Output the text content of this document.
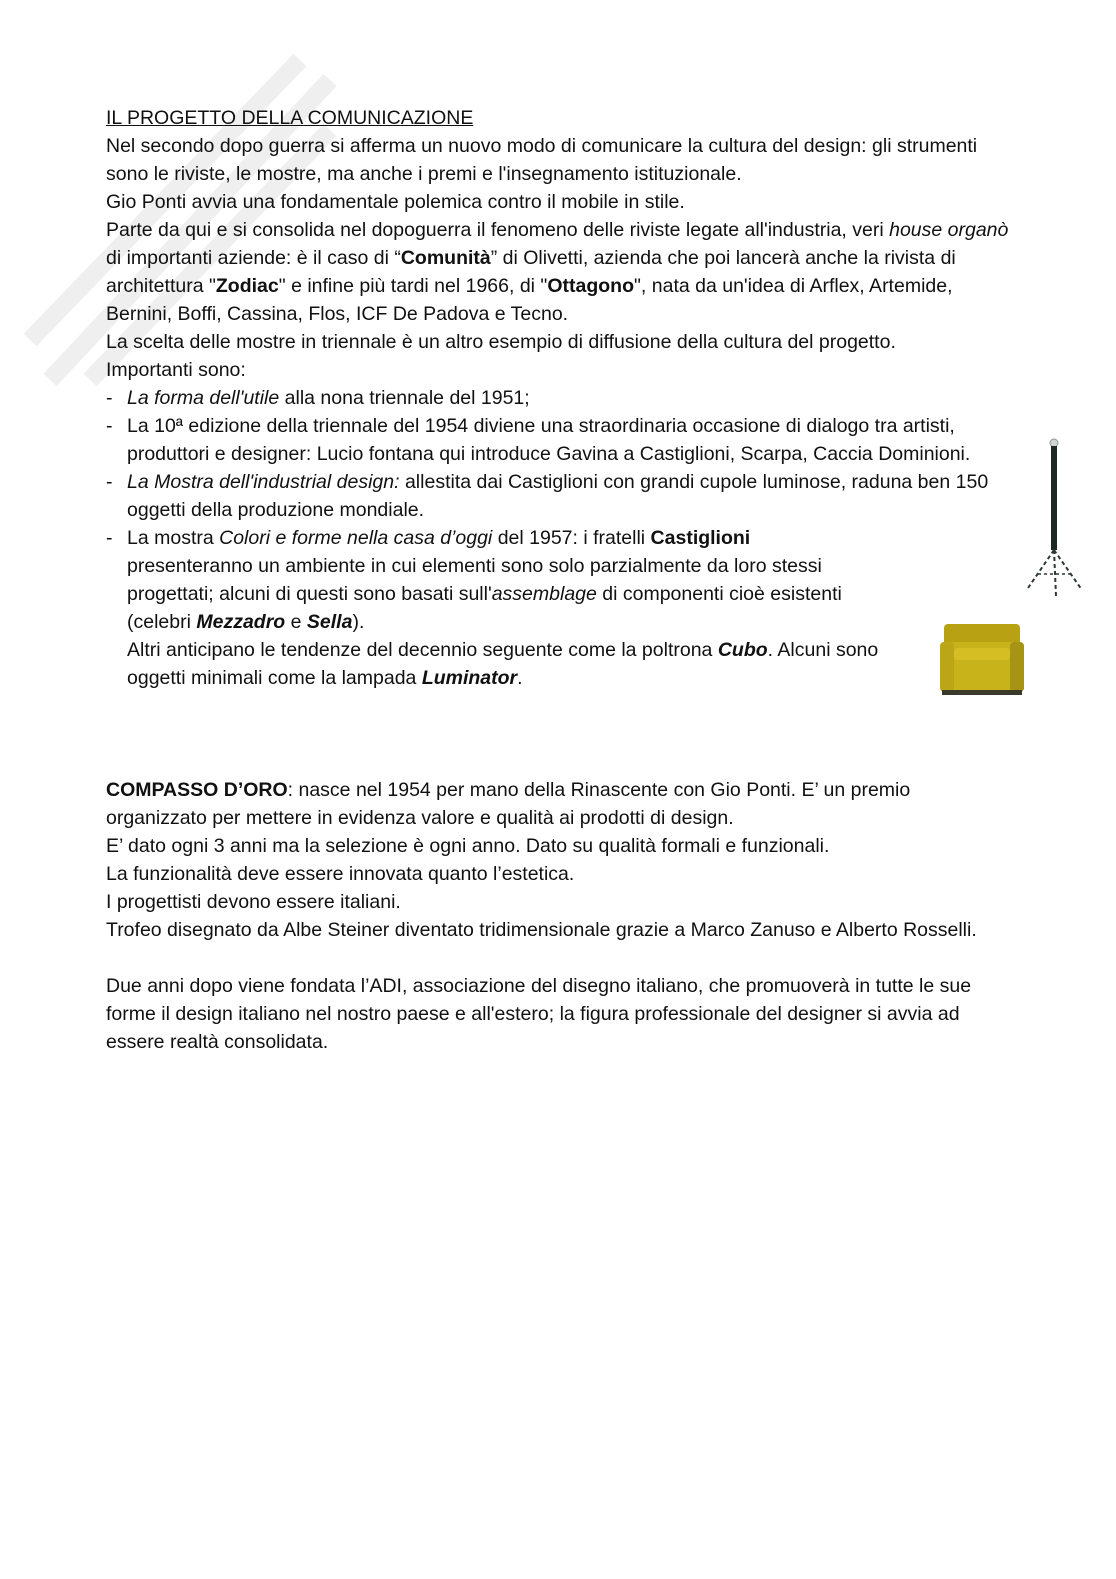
IL PROGETTO DELLA COMUNICAZIONE

Nel secondo dopo guerra si afferma un nuovo modo di comunicare la cultura del design: gli strumenti sono le riviste, le mostre, ma anche i premi e l'insegnamento istituzionale.

Gio Ponti avvia una fondamentale polemica contro il mobile in stile.

Parte da qui e si consolida nel dopoguerra il fenomeno delle riviste legate all'industria, veri house organò di importanti aziende: è il caso di “Comunità” di Olivetti, azienda che poi lancerà anche la rivista di architettura "Zodiac" e infine più tardi nel 1966, di "Ottagono", nata da un'idea di Arflex, Artemide, Bernini, Boffi, Cassina, Flos, ICF De Padova e Tecno.

La scelta delle mostre in triennale è un altro esempio di diffusione della cultura del progetto.

Importanti sono:

- La forma dell'utile alla nona triennale del 1951;
- La 10ª edizione della triennale del 1954 diviene una straordinaria occasione di dialogo tra artisti, produttori e designer: Lucio fontana qui introduce Gavina a Castiglioni, Scarpa, Caccia Dominioni.
- La Mostra dell'industrial design: allestita dai Castiglioni con grandi cupole luminose, raduna ben 150 oggetti della produzione mondiale.
- La mostra Colori e forme nella casa d’oggi del 1957: i fratelli Castiglioni
presenteranno un ambiente in cui elementi sono solo parzialmente da loro stessi progettati; alcuni di questi sono basati sull'assemblage di componenti cioè esistenti (celebri Mezzadro e Sella).
Altri anticipano le tendenze del decennio seguente come la poltrona Cubo. Alcuni sono oggetti minimali come la lampada Luminator.

COMPASSO D’ORO: nasce nel 1954 per mano della Rinascente con Gio Ponti. E’ un premio organizzato per mettere in evidenza valore e qualità ai prodotti di design.

E’ dato ogni 3 anni ma la selezione è ogni anno. Dato su qualità formali e funzionali.

La funzionalità deve essere innovata quanto l’estetica.

I progettisti devono essere italiani.

Trofeo disegnato da Albe Steiner diventato tridimensionale grazie a Marco Zanuso e Alberto Rosselli.

Due anni dopo viene fondata l’ADI, associazione del disegno italiano, che promuoverà in tutte le sue forme il design italiano nel nostro paese e all'estero; la figura professionale del designer si avvia ad essere realtà consolidata.
